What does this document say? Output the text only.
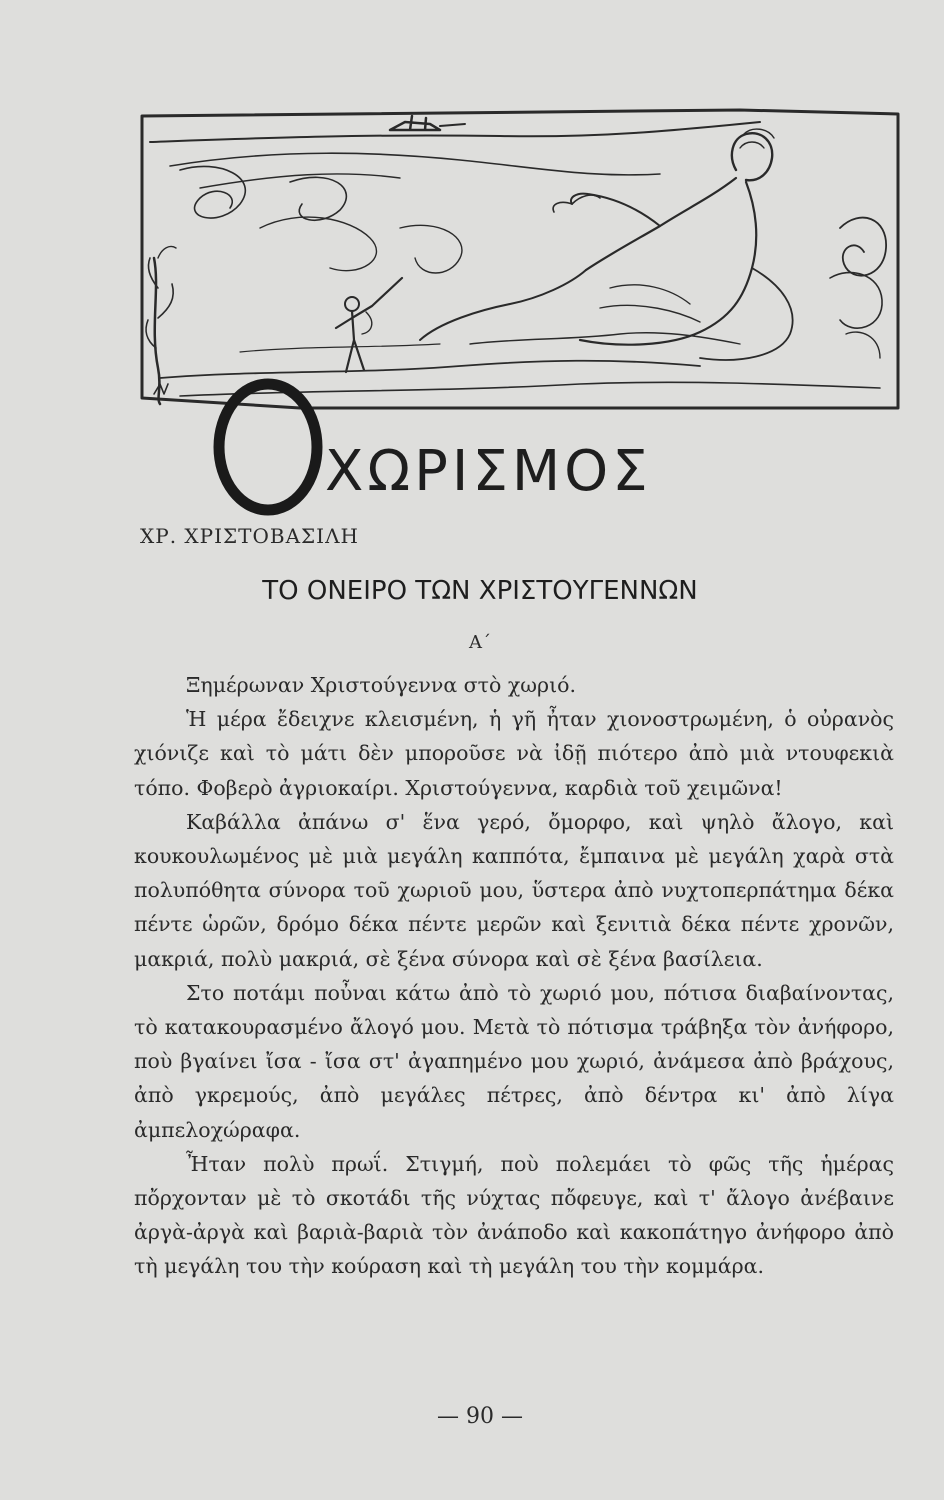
ΧΩΡΙΣΜΟΣ

ΧΡ. ΧΡΙΣΤΟΒΑΣΙΛΗ

ΤΟ ΟΝΕΙΡΟ ΤΩΝ ΧΡΙΣΤΟΥΓΕΝΝΩΝ

Α΄

Ξημέρωναν Χριστούγεννα στὸ χωριό.

Ἡ μέρα ἔδειχνε κλεισμένη, ἡ γῆ ἦταν χιονοστρωμένη, ὁ οὐρανὸς χιόνιζε καὶ τὸ μάτι δὲν μποροῦσε νὰ ἰδῇ πιότερο ἀπὸ μιὰ ντουφεκιὰ τόπο. Φοβερὸ ἀγριοκαίρι. Χριστούγεννα, καρδιὰ τοῦ χειμῶνα!

Καβάλλα ἀπάνω σ' ἕνα γερό, ὄμορφο, καὶ ψηλὸ ἄλογο, καὶ κουκουλωμένος μὲ μιὰ μεγάλη καππότα, ἔμπαινα μὲ μεγάλη χαρὰ στὰ πολυπόθητα σύνορα τοῦ χωριοῦ μου, ὕστερα ἀπὸ νυχτοπερπάτημα δέκα πέντε ὡρῶν, δρόμο δέκα πέντε μερῶν καὶ ξενιτιὰ δέκα πέντε χρονῶν, μακριά, πολὺ μακριά, σὲ ξένα σύνορα καὶ σὲ ξένα βασίλεια.

Στο ποτάμι ποὖναι κάτω ἀπὸ τὸ χωριό μου, πότισα διαβαίνοντας, τὸ κατακουρασμένο ἄλογό μου. Μετὰ τὸ πότισμα τράβηξα τὸν ἀνήφορο, ποὺ βγαίνει ἴσα - ἴσα στ' ἀγαπημένο μου χωριό, ἀνάμεσα ἀπὸ βράχους, ἀπὸ γκρεμούς, ἀπὸ μεγάλες πέτρες, ἀπὸ δέντρα κι' ἀπὸ λίγα ἀμπελοχώραφα.

Ἦταν πολὺ πρωΐ. Στιγμή, ποὺ πολεμάει τὸ φῶς τῆς ἡμέρας πὄρχονταν μὲ τὸ σκοτάδι τῆς νύχτας πὄφευγε, καὶ τ' ἄλογο ἀνέβαινε ἀργὰ-ἀργὰ καὶ βαριὰ-βαριὰ τὸν ἀνάποδο καὶ κακοπάτηγο ἀνήφορο ἀπὸ τὴ μεγάλη του τὴν κούραση καὶ τὴ μεγάλη του τὴν κομμάρα.

— 90 —
